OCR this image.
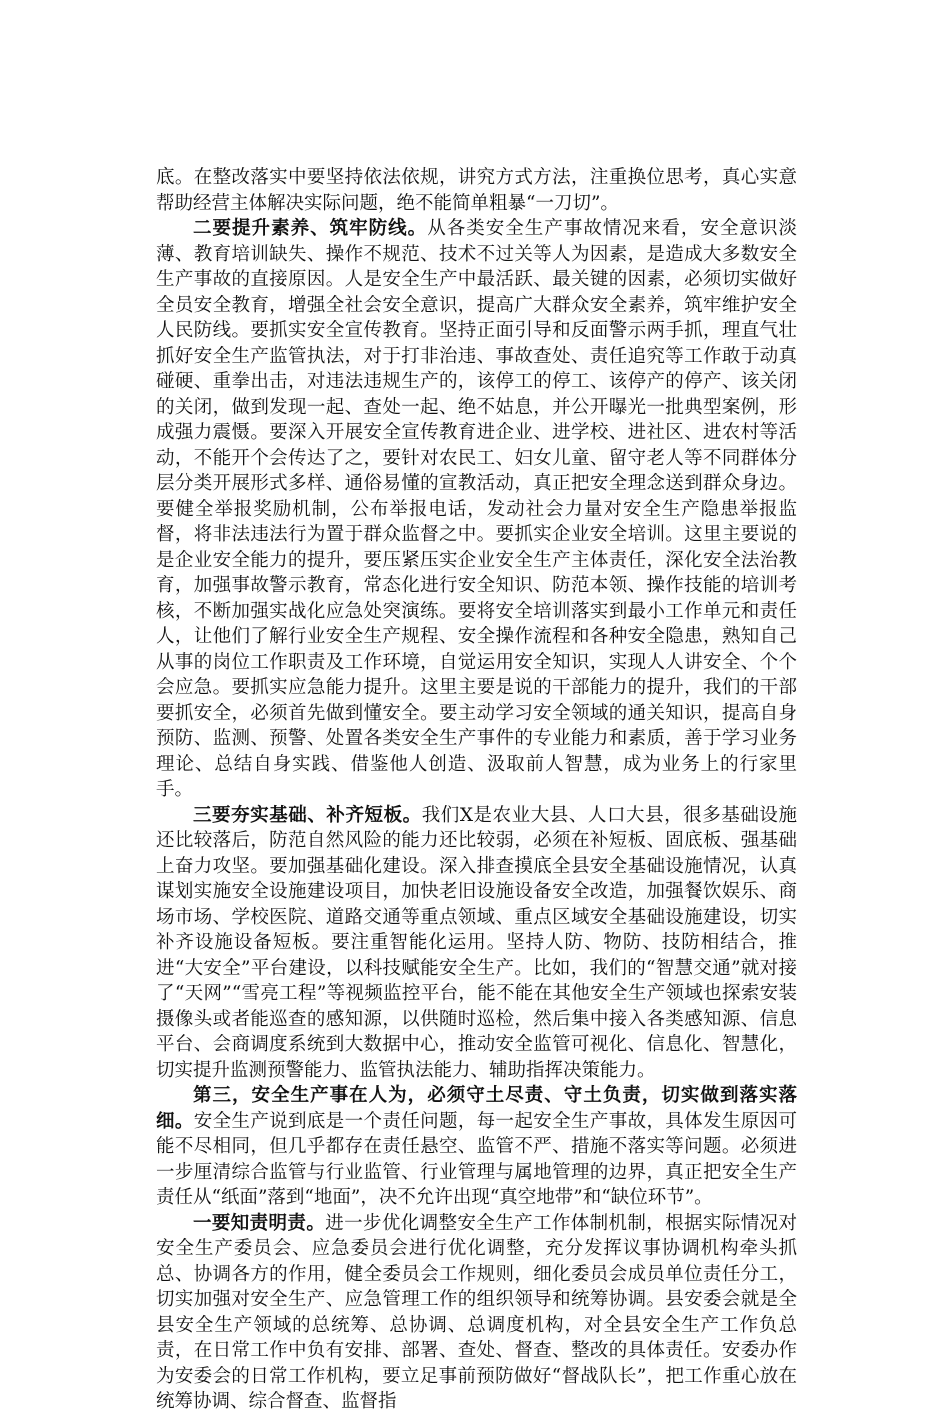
底。在整改落实中要坚持依法依规，讲究方式方法，注重换位思考，真心实意帮助经营主体解决实际问题，绝不能简单粗暴“一刀切”。

二要提升素养、筑牢防线。从各类安全生产事故情况来看，安全意识淡薄、教育培训缺失、操作不规范、技术不过关等人为因素，是造成大多数安全生产事故的直接原因。人是安全生产中最活跃、最关键的因素，必须切实做好全员安全教育，增强全社会安全意识，提高广大群众安全素养，筑牢维护安全人民防线。要抓实安全宣传教育。坚持正面引导和反面警示两手抓，理直气壮抓好安全生产监管执法，对于打非治违、事故查处、责任追究等工作敢于动真碰硬、重拳出击，对违法违规生产的，该停工的停工、该停产的停产、该关闭的关闭，做到发现一起、查处一起、绝不姑息，并公开曝光一批典型案例，形成强力震慑。要深入开展安全宣传教育进企业、进学校、进社区、进农村等活动，不能开个会传达了之，要针对农民工、妇女儿童、留守老人等不同群体分层分类开展形式多样、通俗易懂的宣教活动，真正把安全理念送到群众身边。要健全举报奖励机制，公布举报电话，发动社会力量对安全生产隐患举报监督，将非法违法行为置于群众监督之中。要抓实企业安全培训。这里主要说的是企业安全能力的提升，要压紧压实企业安全生产主体责任，深化安全法治教育，加强事故警示教育，常态化进行安全知识、防范本领、操作技能的培训考核，不断加强实战化应急处突演练。要将安全培训落实到最小工作单元和责任人，让他们了解行业安全生产规程、安全操作流程和各种安全隐患，熟知自己从事的岗位工作职责及工作环境，自觉运用安全知识，实现人人讲安全、个个会应急。要抓实应急能力提升。这里主要是说的干部能力的提升，我们的干部要抓安全，必须首先做到懂安全。要主动学习安全领域的通关知识，提高自身预防、监测、预警、处置各类安全生产事件的专业能力和素质，善于学习业务理论、总结自身实践、借鉴他人创造、汲取前人智慧，成为业务上的行家里手。

三要夯实基础、补齐短板。我们X是农业大县、人口大县，很多基础设施还比较落后，防范自然风险的能力还比较弱，必须在补短板、固底板、强基础上奋力攻坚。要加强基础化建设。深入排查摸底全县安全基础设施情况，认真谋划实施安全设施建设项目，加快老旧设施设备安全改造，加强餐饮娱乐、商场市场、学校医院、道路交通等重点领域、重点区域安全基础设施建设，切实补齐设施设备短板。要注重智能化运用。坚持人防、物防、技防相结合，推进“大安全”平台建设，以科技赋能安全生产。比如，我们的“智慧交通”就对接了“天网”“雪亮工程”等视频监控平台，能不能在其他安全生产领域也探索安装摄像头或者能巡查的感知源，以供随时巡检，然后集中接入各类感知源、信息平台、会商调度系统到大数据中心，推动安全监管可视化、信息化、智慧化，切实提升监测预警能力、监管执法能力、辅助指挥决策能力。

第三，安全生产事在人为，必须守土尽责、守土负责，切实做到落实落细。安全生产说到底是一个责任问题，每一起安全生产事故，具体发生原因可能不尽相同，但几乎都存在责任悬空、监管不严、措施不落实等问题。必须进一步厘清综合监管与行业监管、行业管理与属地管理的边界，真正把安全生产责任从“纸面”落到“地面”，决不允许出现“真空地带”和“缺位环节”。

一要知责明责。进一步优化调整安全生产工作体制机制，根据实际情况对安全生产委员会、应急委员会进行优化调整，充分发挥议事协调机构牵头抓总、协调各方的作用，健全委员会工作规则，细化委员会成员单位责任分工，切实加强对安全生产、应急管理工作的组织领导和统筹协调。县安委会就是全县安全生产领域的总统筹、总协调、总调度机构，对全县安全生产工作负总责，在日常工作中负有安排、部署、查处、督查、整改的具体责任。安委办作为安委会的日常工作机构，要立足事前预防做好“督战队长”，把工作重心放在统筹协调、综合督查、监督指
